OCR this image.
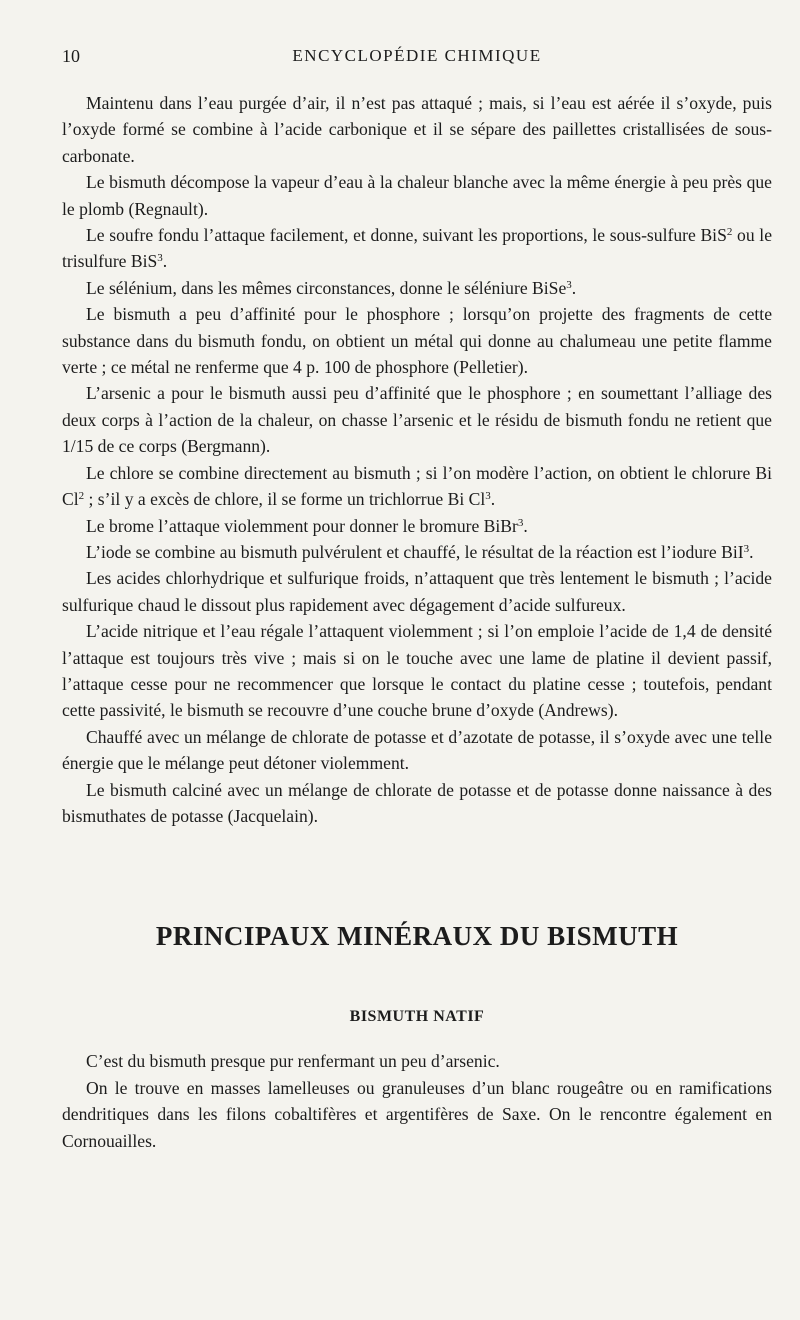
10	ENCYCLOPÉDIE CHIMIQUE

Maintenu dans l’eau purgée d’air, il n’est pas attaqué ; mais, si l’eau est aérée il s’oxyde, puis l’oxyde formé se combine à l’acide carbonique et il se sépare des paillettes cristallisées de sous-carbonate.

Le bismuth décompose la vapeur d’eau à la chaleur blanche avec la même énergie à peu près que le plomb (Regnault).

Le soufre fondu l’attaque facilement, et donne, suivant les proportions, le sous-sulfure BiS$^2$ ou le trisulfure BiS$^3$.

Le sélénium, dans les mêmes circonstances, donne le séléniure BiSe$^3$.

Le bismuth a peu d’affinité pour le phosphore ; lorsqu’on projette des fragments de cette substance dans du bismuth fondu, on obtient un métal qui donne au chalumeau une petite flamme verte ; ce métal ne renferme que 4 p. 100 de phosphore (Pelletier).

L’arsenic a pour le bismuth aussi peu d’affinité que le phosphore ; en soumettant l’alliage des deux corps à l’action de la chaleur, on chasse l’arsenic et le résidu de bismuth fondu ne retient que 1/15 de ce corps (Bergmann).

Le chlore se combine directement au bismuth ; si l’on modère l’action, on obtient le chlorure Bi Cl$^2$ ; s’il y a excès de chlore, il se forme un trichlorrue Bi Cl$^3$.

Le brome l’attaque violemment pour donner le bromure BiBr$^3$.

L’iode se combine au bismuth pulvérulent et chauffé, le résultat de la réaction est l’iodure BiI$^3$.

Les acides chlorhydrique et sulfurique froids, n’attaquent que très lentement le bismuth ; l’acide sulfurique chaud le dissout plus rapidement avec dégagement d’acide sulfureux.

L’acide nitrique et l’eau régale l’attaquent violemment ; si l’on emploie l’acide de 1,4 de densité l’attaque est toujours très vive ; mais si on le touche avec une lame de platine il devient passif, l’attaque cesse pour ne recommencer que lorsque le contact du platine cesse ; toutefois, pendant cette passivité, le bismuth se recouvre d’une couche brune d’oxyde (Andrews).

Chauffé avec un mélange de chlorate de potasse et d’azotate de potasse, il s’oxyde avec une telle énergie que le mélange peut détoner violemment.

Le bismuth calciné avec un mélange de chlorate de potasse et de potasse donne naissance à des bismuthates de potasse (Jacquelain).

PRINCIPAUX MINÉRAUX DU BISMUTH
BISMUTH NATIF

C’est du bismuth presque pur renfermant un peu d’arsenic.

On le trouve en masses lamelleuses ou granuleuses d’un blanc rougeâtre ou en ramifications dendritiques dans les filons cobaltifères et argentifères de Saxe. On le rencontre également en Cornouailles.
